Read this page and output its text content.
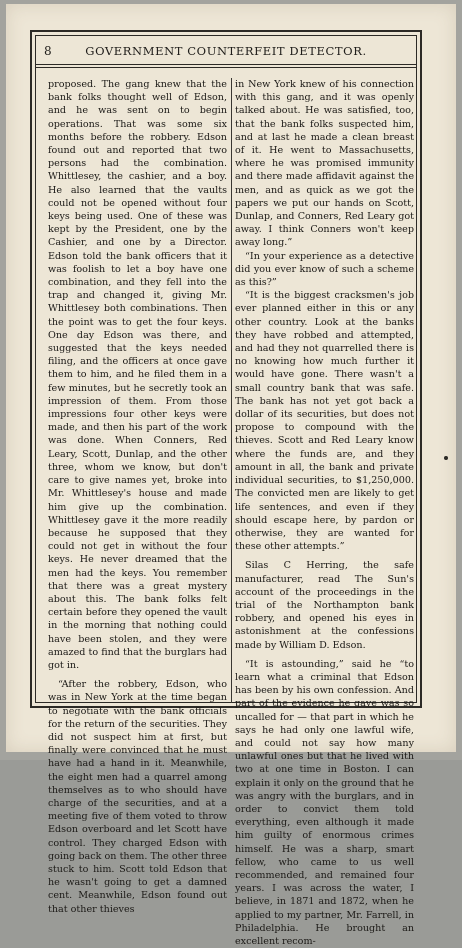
8	GOVERNMENT COUNTERFEIT DETECTOR.

proposed. The gang knew that the bank folks thought well of Edson, and he was sent on to begin operations. That was some six months before the robbery. Edson found out and reported that two persons had the combination. Whittlesey, the cashier, and a boy. He also learned that the vaults could not be opened without four keys being used. One of these was kept by the President, one by the Cashier, and one by a Director. Edson told the bank officers that it was foolish to let a boy have one combination, and they fell into the trap and changed it, giving Mr. Whittlesey both combinations. Then the point was to get the four keys. One day Edson was there, and suggested that the keys needed filing, and the officers at once gave them to him, and he filed them in a few minutes, but he secretly took an impression of them. From those impressions four other keys were made, and then his part of the work was done. When Conners, Red Leary, Scott, Dunlap, and the other three, whom we know, but don't care to give names yet, broke into Mr. Whittlesey's house and made him give up the combination. Whittlesey gave it the more readily because he supposed that they could not get in without the four keys. He never dreamed that the men had the keys. You remember that there was a great mystery about this. The bank folks felt certain before they opened the vault in the morning that nothing could have been stolen, and they were amazed to find that the burglars had got in.

“After the robbery, Edson, who was in New York at the time began to negotiate with the bank officials for the return of the securities. They did not suspect him at first, but finally were convinced that he must have had a hand in it. Meanwhile, the eight men had a quarrel among themselves as to who should have charge of the securities, and at a meeting five of them voted to throw Edson overboard and let Scott have control. They charged Edson with going back on them. The other three stuck to him. Scott told Edson that he wasn't going to get a damned cent. Meanwhile, Edson found out that other thieves

in New York knew of his connection with this gang, and it was openly talked about. He was satisfied, too, that the bank folks suspected him, and at last he made a clean breast of it. He went to Massachusetts, where he was promised immunity and there made affidavit against the men, and as quick as we got the papers we put our hands on Scott, Dunlap, and Conners, Red Leary got away. I think Conners won't keep away long.”

“In your experience as a detective did you ever know of such a scheme as this?”

“It is the biggest cracksmen's job ever planned either in this or any other country. Look at the banks they have robbed and attempted, and had they not quarrelled there is no knowing how much further it would have gone. There wasn't a small country bank that was safe. The bank has not yet got back a dollar of its securities, but does not propose to compound with the thieves. Scott and Red Leary know where the funds are, and they amount in all, the bank and private individual securities, to $1,250,000. The convicted men are likely to get life sentences, and even if they should escape here, by pardon or otherwise, they are wanted for these other attempts.”

Silas C Herring, the safe manufacturer, read The Sun's account of the proceedings in the trial of the Northampton bank robbery, and opened his eyes in astonishment at the confessions made by William D. Edson.

“It is astounding,” said he “to learn what a criminal that Edson has been by his own confession. And part of the evidence he gave was so uncalled for — that part in which he says he had only one lawful wife, and could not say how many unlawful ones but that he lived with two at one time in Boston. I can explain it only on the ground that he was angry with the burglars, and in order to convict them told everything, even although it made him guilty of enormous crimes himself. He was a sharp, smart fellow, who came to us well recommended, and remained four years. I was across the water, I believe, in 1871 and 1872, when he applied to my partner, Mr. Farrell, in Philadelphia. He brought an excellent recom-
